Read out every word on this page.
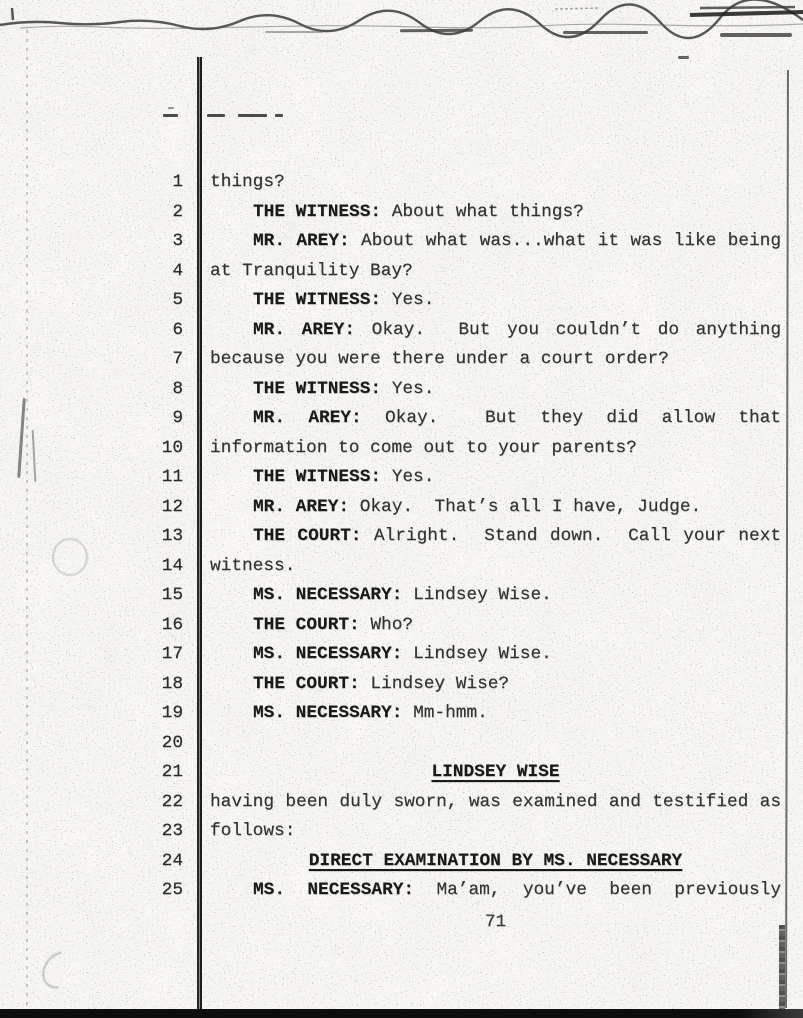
1	things?
2	THE WITNESS: About what things?
3	MR. AREY: About what was...what it was like being
4	at Tranquility Bay?
5	THE WITNESS: Yes.
6	MR. AREY: Okay.  But you couldn’t do anything
7	because you were there under a court order?
8	THE WITNESS: Yes.
9	MR. AREY: Okay.  But they did allow that
10	information to come out to your parents?
11	THE WITNESS: Yes.
12	MR. AREY: Okay.  That’s all I have, Judge.
13	THE COURT: Alright.  Stand down.  Call your next
14	witness.
15	MS. NECESSARY: Lindsey Wise.
16	THE COURT: Who?
17	MS. NECESSARY: Lindsey Wise.
18	THE COURT: Lindsey Wise?
19	MS. NECESSARY: Mm-hmm.
20
21	LINDSEY WISE
22	having been duly sworn, was examined and testified as
23	follows:
24	DIRECT EXAMINATION BY MS. NECESSARY
25	MS. NECESSARY: Ma’am, you’ve been previously
71
